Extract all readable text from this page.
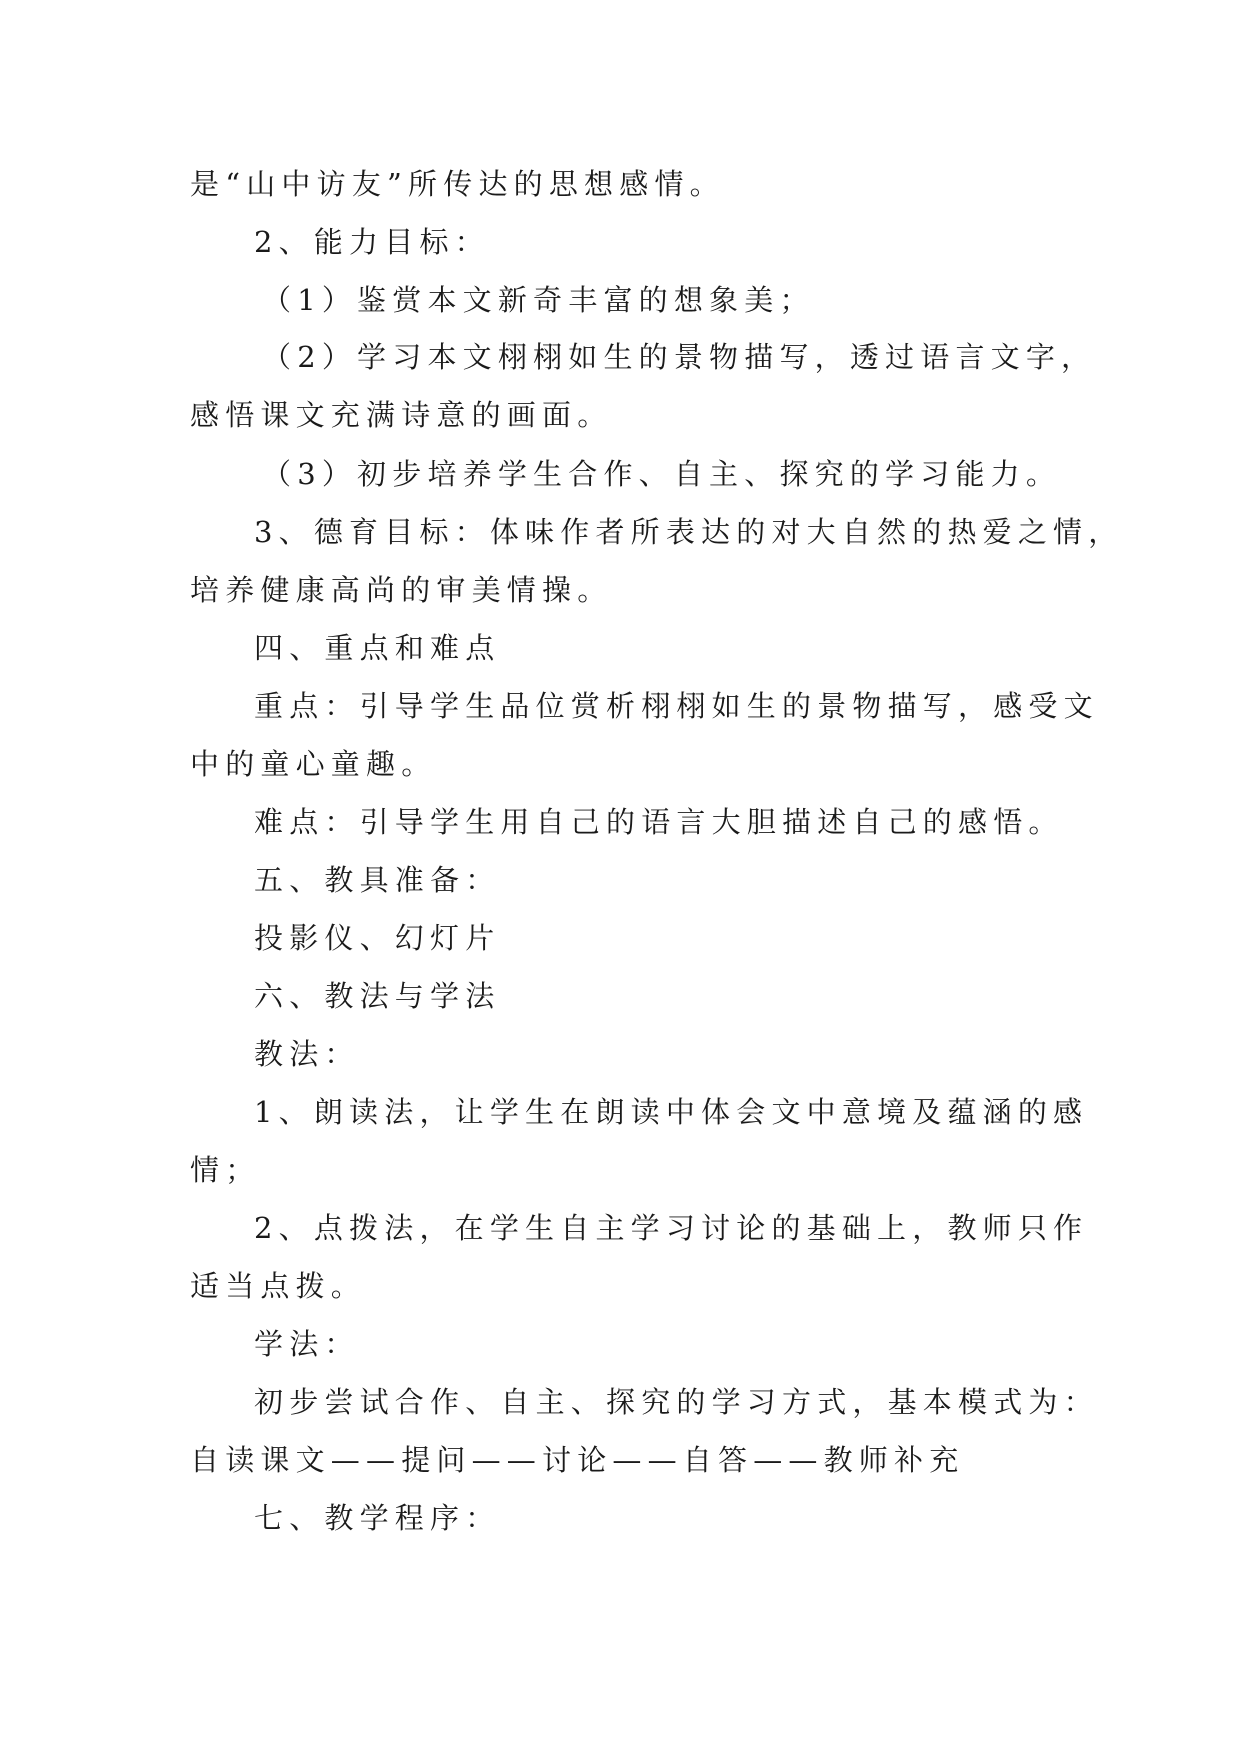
是“山中访友”所传达的思想感情。
2、能力目标：
（1）鉴赏本文新奇丰富的想象美；
（2）学习本文栩栩如生的景物描写，透过语言文字，
感悟课文充满诗意的画面。
（3）初步培养学生合作、自主、探究的学习能力。
3、德育目标：体味作者所表达的对大自然的热爱之情，
培养健康高尚的审美情操。
四、重点和难点
重点：引导学生品位赏析栩栩如生的景物描写，感受文
中的童心童趣。
难点：引导学生用自己的语言大胆描述自己的感悟。
五、教具准备：
投影仪、幻灯片
六、教法与学法
教法：
1、朗读法，让学生在朗读中体会文中意境及蕴涵的感
情；
2、点拨法，在学生自主学习讨论的基础上，教师只作
适当点拨。
学法：
初步尝试合作、自主、探究的学习方式，基本模式为：
自读课文——提问——讨论——自答——教师补充
七、教学程序：
